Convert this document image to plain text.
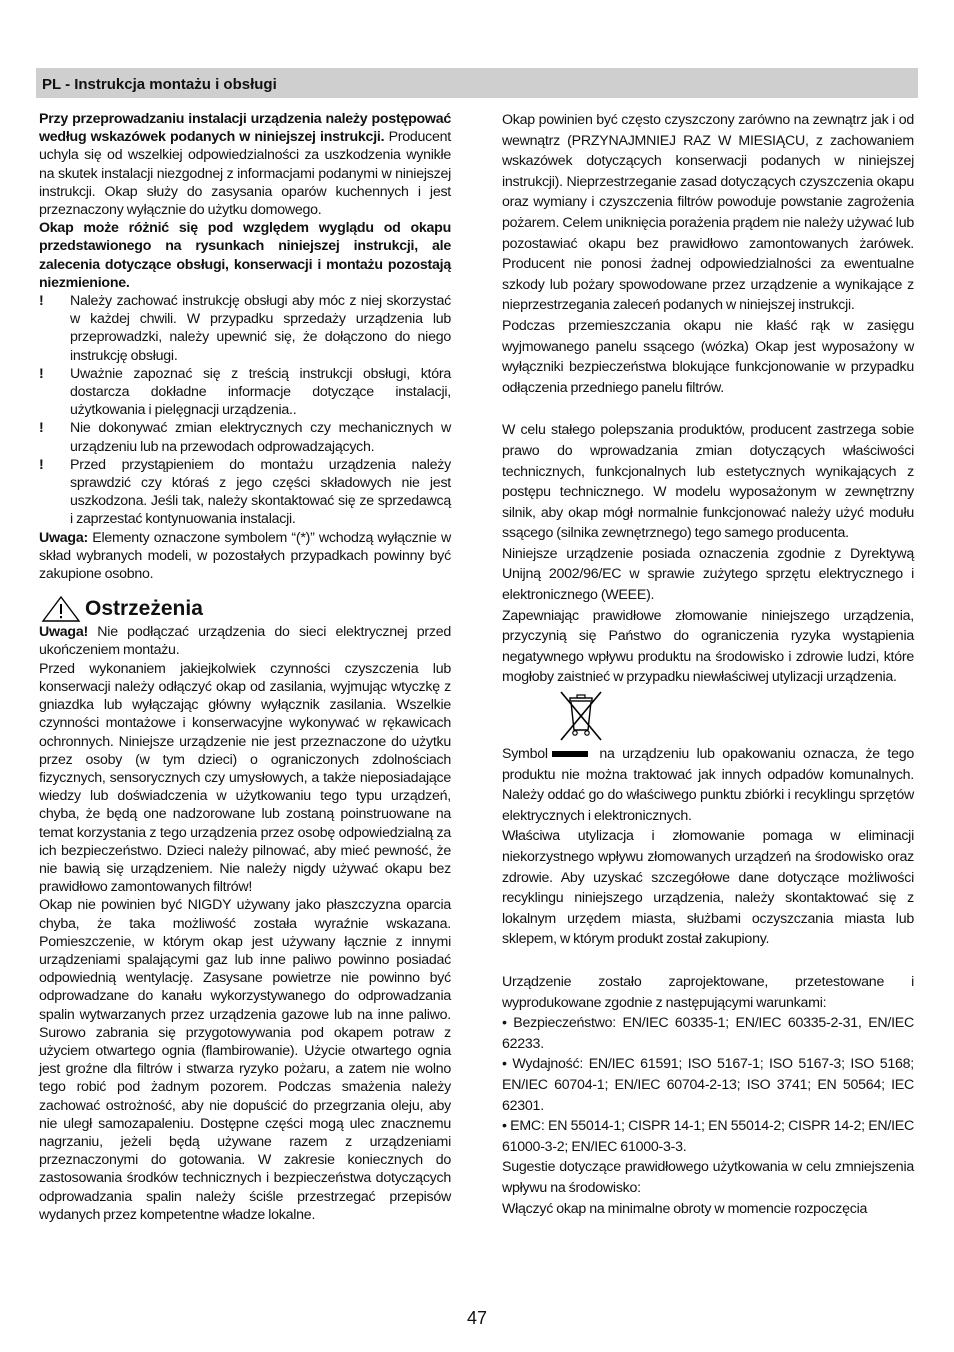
PL - Instrukcja montażu i obsługi

Przy przeprowadzaniu instalacji urządzenia należy postępować według wskazówek podanych w niniejszej instrukcji. Producent uchyla się od wszelkiej odpowiedzialności za uszkodzenia wynikłe na skutek instalacji niezgodnej z informacjami podanymi w niniejszej instrukcji. Okap służy do zasysania oparów kuchennych i jest przeznaczony wyłącznie do użytku domowego.

Okap może różnić się pod względem wyglądu od okapu przedstawionego na rysunkach niniejszej instrukcji, ale zalecenia dotyczące obsługi, konserwacji i montażu pozostają niezmienione.

!	Należy zachować instrukcję obsługi aby móc z niej skorzystać w każdej chwili. W przypadku sprzedaży urządzenia lub przeprowadzki, należy upewnić się, że dołączono do niego instrukcję obsługi.

!	Uważnie zapoznać się z treścią instrukcji obsługi, która dostarcza dokładne informacje dotyczące instalacji, użytkowania i pielęgnacji urządzenia..

!	Nie dokonywać zmian elektrycznych czy mechanicznych w urządzeniu lub na przewodach odprowadzających.

!	Przed przystąpieniem do montażu urządzenia należy sprawdzić czy któraś z jego części składowych nie jest uszkodzona. Jeśli tak, należy skontaktować się ze sprzedawcą i zaprzestać kontynuowania instalacji.

Uwaga: Elementy oznaczone symbolem “(*)” wchodzą wyłącznie w skład wybranych modeli, w pozostałych przypadkach powinny być zakupione osobno.

Ostrzeżenia

Uwaga! Nie podłączać urządzenia do sieci elektrycznej przed ukończeniem montażu.

Przed wykonaniem jakiejkolwiek czynności czyszczenia lub konserwacji należy odłączyć okap od zasilania, wyjmując wtyczkę z gniazdka lub wyłączając główny wyłącznik zasilania. Wszelkie czynności montażowe i konserwacyjne wykonywać w rękawicach ochronnych. Niniejsze urządzenie nie jest przeznaczone do użytku przez osoby (w tym dzieci) o ograniczonych zdolnościach fizycznych, sensorycznych czy umysłowych, a także nieposiadające wiedzy lub doświadczenia w użytkowaniu tego typu urządzeń, chyba, że będą one nadzorowane lub zostaną poinstruowane na temat korzystania z tego urządzenia przez osobę odpowiedzialną za ich bezpieczeństwo. Dzieci należy pilnować, aby mieć pewność, że nie bawią się urządzeniem. Nie należy nigdy używać okapu bez prawidłowo zamontowanych filtrów!

Okap nie powinien być NIGDY używany jako płaszczyzna oparcia chyba, że taka możliwość została wyraźnie wskazana. Pomieszczenie, w którym okap jest używany łącznie z innymi urządzeniami spalającymi gaz lub inne paliwo powinno posiadać odpowiednią wentylację. Zasysane powietrze nie powinno być odprowadzane do kanału wykorzystywanego do odprowadzania spalin wytwarzanych przez urządzenia gazowe lub na inne paliwo. Surowo zabrania się przygotowywania pod okapem potraw z użyciem otwartego ognia (flambirowanie). Użycie otwartego ognia jest groźne dla filtrów i stwarza ryzyko pożaru, a zatem nie wolno tego robić pod żadnym pozorem. Podczas smażenia należy zachować ostrożność, aby nie dopuścić do przegrzania oleju, aby nie uległ samozapaleniu. Dostępne części mogą ulec znacznemu nagrzaniu, jeżeli będą używane razem z urządzeniami przeznaczonymi do gotowania. W zakresie koniecznych do zastosowania środków technicznych i bezpieczeństwa dotyczących odprowadzania spalin należy ściśle przestrzegać przepisów wydanych przez kompetentne władze lokalne.

Okap powinien być często czyszczony zarówno na zewnątrz jak i od wewnątrz (PRZYNAJMNIEJ RAZ W MIESIĄCU, z zachowaniem wskazówek dotyczących konserwacji podanych w niniejszej instrukcji). Nieprzestrzeganie zasad dotyczących czyszczenia okapu oraz wymiany i czyszczenia filtrów powoduje powstanie zagrożenia pożarem. Celem uniknięcia porażenia prądem nie należy używać lub pozostawiać okapu bez prawidłowo zamontowanych żarówek. Producent nie ponosi żadnej odpowiedzialności za ewentualne szkody lub pożary spowodowane przez urządzenie a wynikające z nieprzestrzegania zaleceń podanych w niniejszej instrukcji.

Podczas przemieszczania okapu nie kłaść rąk w zasięgu wyjmowanego panelu ssącego (wózka) Okap jest wyposażony w wyłączniki bezpieczeństwa blokujące funkcjonowanie w przypadku odłączenia przedniego panelu filtrów.

W celu stałego polepszania produktów, producent zastrzega sobie prawo do wprowadzania zmian dotyczących właściwości technicznych, funkcjonalnych lub estetycznych wynikających z postępu technicznego. W modelu wyposażonym w zewnętrzny silnik, aby okap mógł normalnie funkcjonować należy użyć modułu ssącego (silnika zewnętrznego) tego samego producenta.

Niniejsze urządzenie posiada oznaczenia zgodnie z Dyrektywą Unijną 2002/96/EC w sprawie zużytego sprzętu elektrycznego i elektronicznego (WEEE).

Zapewniając prawidłowe złomowanie niniejszego urządzenia, przyczynią się Państwo do ograniczenia ryzyka wystąpienia negatywnego wpływu produktu na środowisko i zdrowie ludzi, które mogłoby zaistnieć w przypadku niewłaściwej utylizacji urządzenia.

Symbol	na urządzeniu lub opakowaniu oznacza, że tego produktu nie można traktować jak innych odpadów komunalnych. Należy oddać go do właściwego punktu zbiórki i recyklingu sprzętów elektrycznych i elektronicznych.

Właściwa utylizacja i złomowanie pomaga w eliminacji niekorzystnego wpływu złomowanych urządzeń na środowisko oraz zdrowie. Aby uzyskać szczegółowe dane dotyczące możliwości recyklingu niniejszego urządzenia, należy skontaktować się z lokalnym urzędem miasta, służbami oczyszczania miasta lub sklepem, w którym produkt został zakupiony.

Urządzenie zostało zaprojektowane, przetestowane i wyprodukowane zgodnie z następującymi warunkami:

• Bezpieczeństwo: EN/IEC 60335-1; EN/IEC 60335-2-31, EN/IEC 62233.

• Wydajność: EN/IEC 61591; ISO 5167-1; ISO 5167-3; ISO 5168; EN/IEC 60704-1; EN/IEC 60704-2-13; ISO 3741; EN 50564; IEC 62301.

• EMC: EN 55014-1; CISPR 14-1; EN 55014-2; CISPR 14-2; EN/IEC 61000-3-2; EN/IEC 61000-3-3.

Sugestie dotyczące prawidłowego użytkowania w celu zmniejszenia wpływu na środowisko:

Włączyć okap na minimalne obroty w momencie rozpoczęcia

47
